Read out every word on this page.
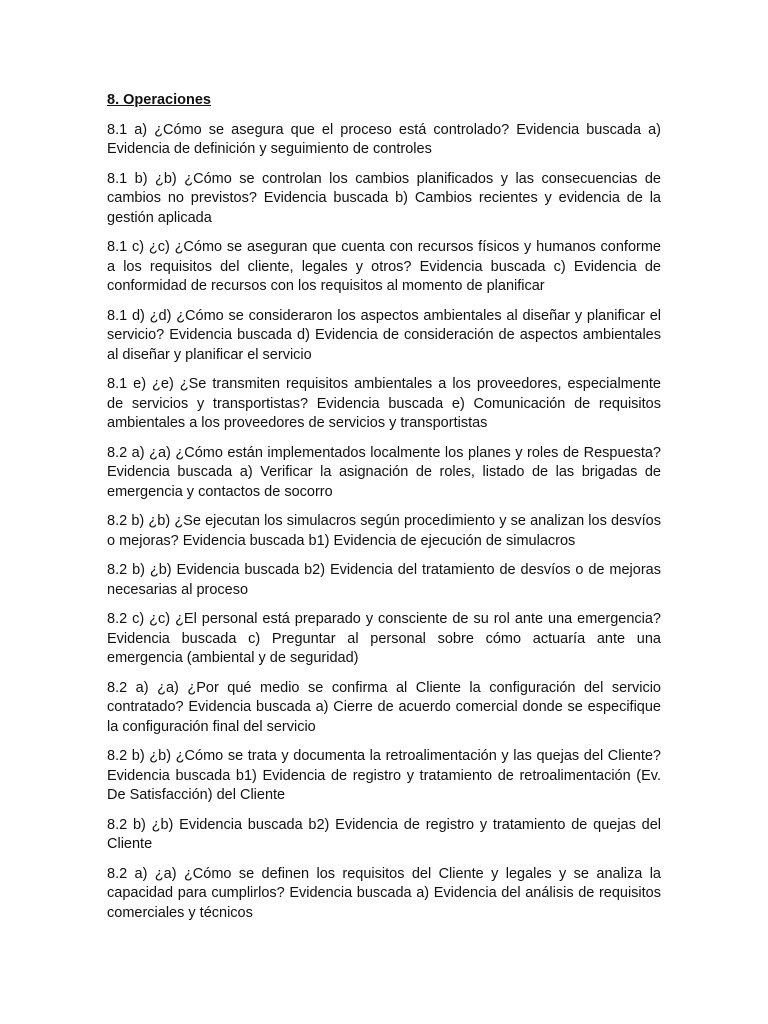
8. Operaciones

8.1 a) ¿Cómo se asegura que el proceso está controlado? Evidencia buscada a) Evidencia de definición y seguimiento de controles

8.1 b) ¿b) ¿Cómo se controlan los cambios planificados y las consecuencias de cambios no previstos? Evidencia buscada b) Cambios recientes y evidencia de la gestión aplicada

8.1 c) ¿c) ¿Cómo se aseguran que cuenta con recursos físicos y humanos conforme a los requisitos del cliente, legales y otros? Evidencia buscada c) Evidencia de conformidad de recursos con los requisitos al momento de planificar

8.1 d) ¿d) ¿Cómo se consideraron los aspectos ambientales al diseñar y planificar el servicio? Evidencia buscada d) Evidencia de consideración de aspectos ambientales al diseñar y planificar el servicio

8.1 e) ¿e) ¿Se transmiten requisitos ambientales a los proveedores, especialmente de servicios y transportistas? Evidencia buscada e) Comunicación de requisitos ambientales a los proveedores de servicios y transportistas

8.2 a) ¿a) ¿Cómo están implementados localmente los planes y roles de Respuesta? Evidencia buscada a) Verificar la asignación de roles, listado de las brigadas de emergencia y contactos de socorro

8.2 b) ¿b) ¿Se ejecutan los simulacros según procedimiento y se analizan los desvíos o mejoras? Evidencia buscada b1) Evidencia de ejecución de simulacros

8.2 b) ¿b) Evidencia buscada b2) Evidencia del tratamiento de desvíos o de mejoras necesarias al proceso

8.2 c) ¿c) ¿El personal está preparado y consciente de su rol ante una emergencia? Evidencia buscada c) Preguntar al personal sobre cómo actuaría ante una emergencia (ambiental y de seguridad)

8.2 a) ¿a) ¿Por qué medio se confirma al Cliente la configuración del servicio contratado? Evidencia buscada a) Cierre de acuerdo comercial donde se especifique la configuración final del servicio

8.2 b) ¿b) ¿Cómo se trata y documenta la retroalimentación y las quejas del Cliente? Evidencia buscada b1) Evidencia de registro y tratamiento de retroalimentación (Ev. De Satisfacción) del Cliente

8.2 b) ¿b) Evidencia buscada b2) Evidencia de registro y tratamiento de quejas del Cliente

8.2 a) ¿a) ¿Cómo se definen los requisitos del Cliente y legales y se analiza la capacidad para cumplirlos? Evidencia buscada a) Evidencia del análisis de requisitos comerciales y técnicos
